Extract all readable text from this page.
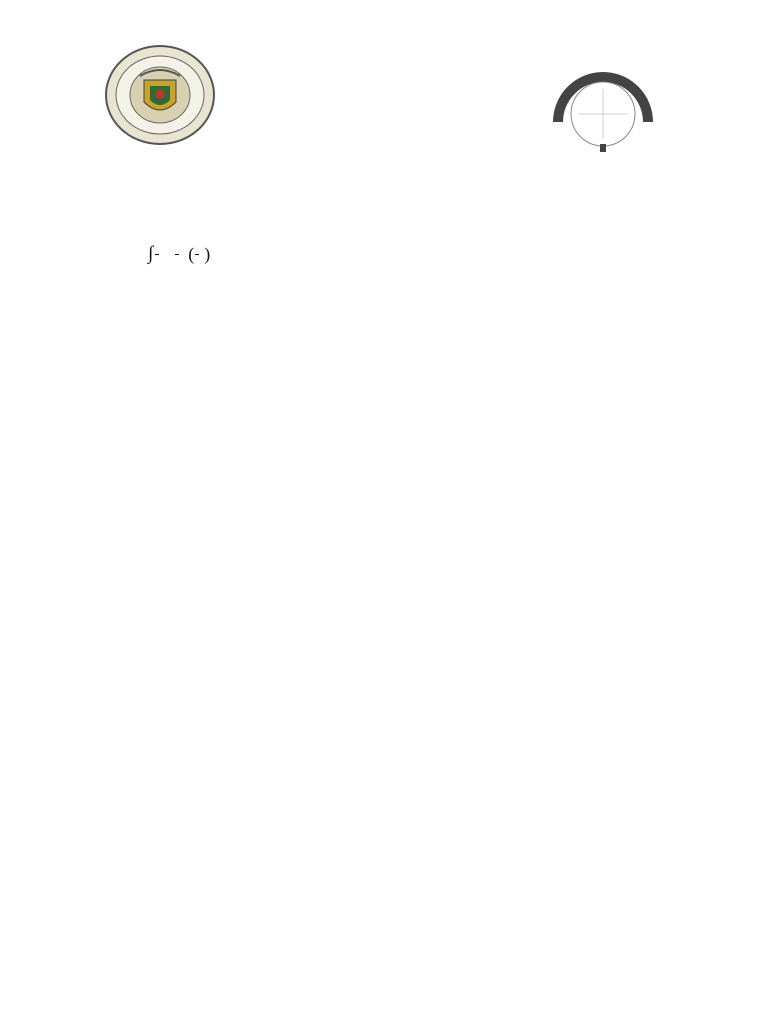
∫ ( )
